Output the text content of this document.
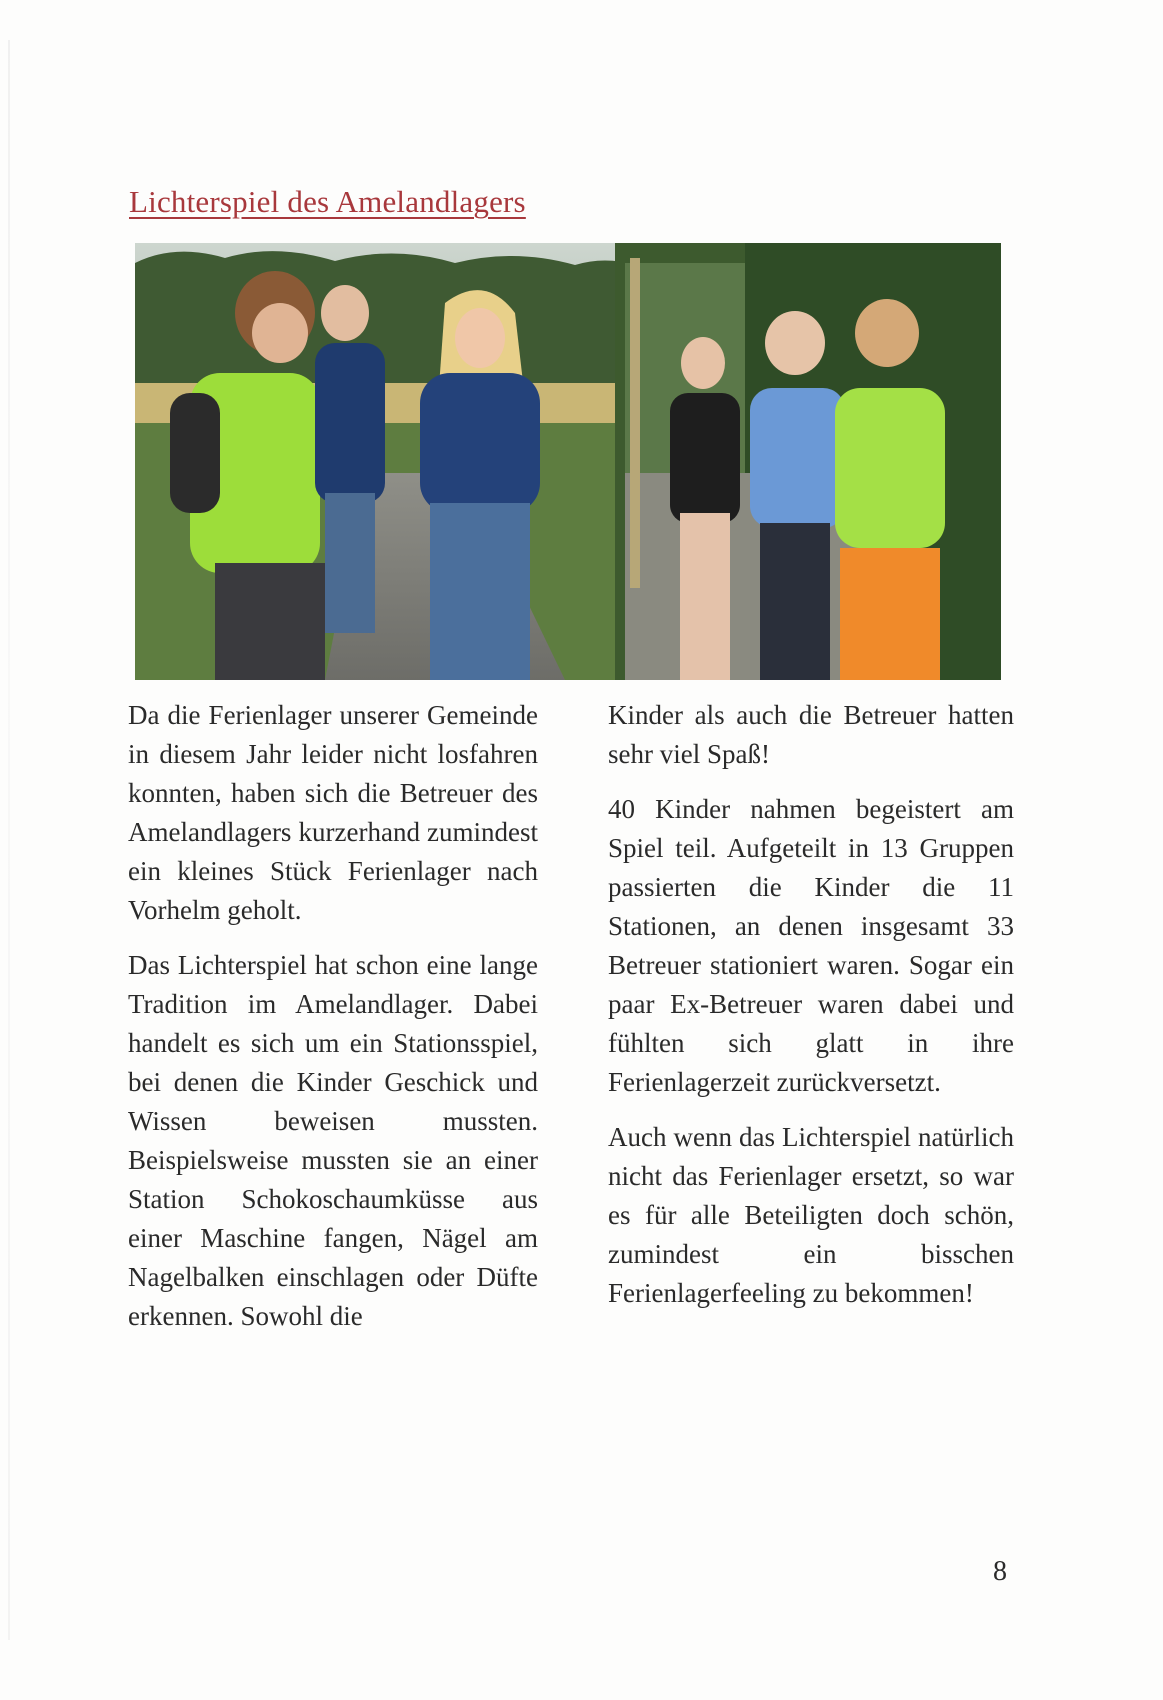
Lichterspiel des Amelandlagers

Da die Ferienlager unserer Gemeinde in diesem Jahr leider nicht losfahren konnten, haben sich die Betreuer des Amelandlagers kurzerhand zumindest ein kleines Stück Ferienlager nach Vorhelm geholt.

Das Lichterspiel hat schon eine lange Tradition im Amelandlager. Dabei handelt es sich um ein Stationsspiel, bei denen die Kinder Geschick und Wissen beweisen mussten. Beispielsweise mussten sie an einer Station Schokoschaumküsse aus einer Maschine fangen, Nägel am Nagelbalken einschlagen oder Düfte erkennen. Sowohl die

Kinder als auch die Betreuer hatten sehr viel Spaß!

40 Kinder nahmen begeistert am Spiel teil. Aufgeteilt in 13 Gruppen passierten die Kinder die 11 Stationen, an denen insgesamt 33 Betreuer stationiert waren. Sogar ein paar Ex-Betreuer waren dabei und fühlten sich glatt in ihre Ferienlagerzeit zurückversetzt.

Auch wenn das Lichterspiel natürlich nicht das Ferienlager ersetzt, so war es für alle Beteiligten doch schön, zumindest ein bisschen Ferienlagerfeeling zu bekommen!

8
